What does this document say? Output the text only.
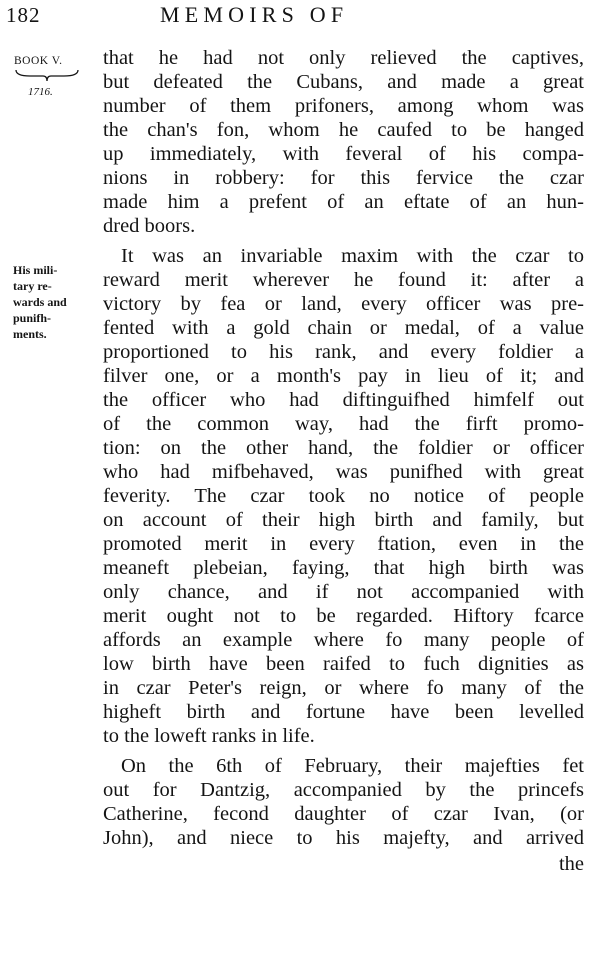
182	MEMOIRS OF
BOOK V.
1716.
His mili-
tary re-
wards and
punifh-
ments.
that he had not only relieved the captives,
but defeated the Cubans, and made a great
number of them prifoners, among whom was
the chan's fon, whom he caufed to be hanged
up immediately, with feveral of his compa-
nions in robbery: for this fervice the czar
made him a prefent of an eftate of an hun-
dred boors.
It was an invariable maxim with the czar to
reward merit wherever he found it: after a
victory by fea or land, every officer was pre-
fented with a gold chain or medal, of a value
proportioned to his rank, and every foldier a
filver one, or a month's pay in lieu of it; and
the officer who had diftinguifhed himfelf out
of the common way, had the firft promo-
tion: on the other hand, the foldier or officer
who had mifbehaved, was punifhed with great
feverity. The czar took no notice of people
on account of their high birth and family, but
promoted merit in every ftation, even in the
meaneft plebeian, faying, that high birth was
only chance, and if not accompanied with
merit ought not to be regarded. Hiftory fcarce
affords an example where fo many people of
low birth have been raifed to fuch dignities as
in czar Peter's reign, or where fo many of the
higheft birth and fortune have been levelled
to the loweft ranks in life.
On the 6th of February, their majefties fet
out for Dantzig, accompanied by the princefs
Catherine, fecond daughter of czar Ivan, (or
John), and niece to his majefty, and arrived
the
